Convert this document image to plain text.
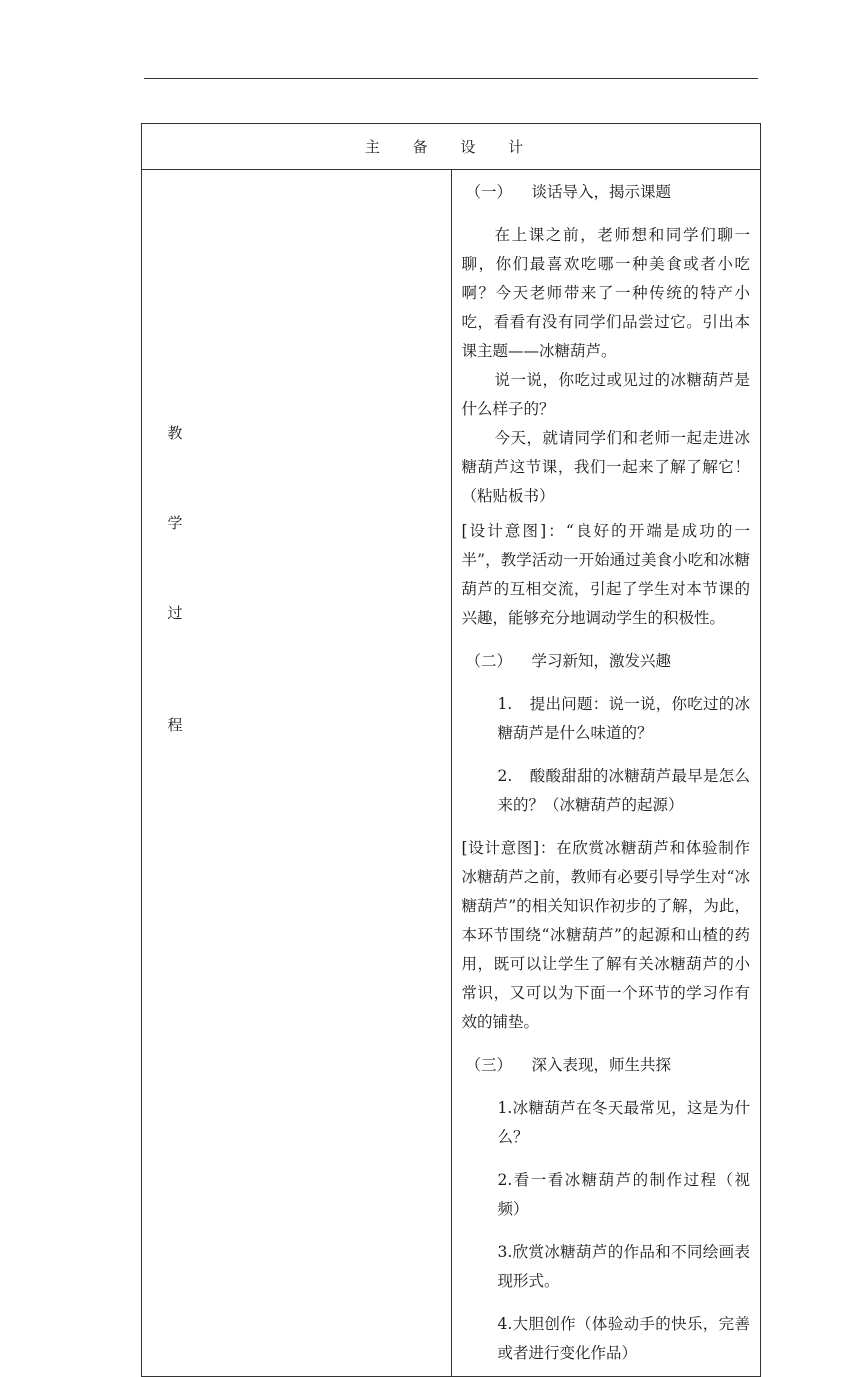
主 备 设 计

教
学
过
程

（一） 谈话导入，揭示课题

在上课之前，老师想和同学们聊一聊，你们最喜欢吃哪一种美食或者小吃啊？今天老师带来了一种传统的特产小吃，看看有没有同学们品尝过它。引出本课主题——冰糖葫芦。

说一说，你吃过或见过的冰糖葫芦是什么样子的？

今天，就请同学们和老师一起走进冰糖葫芦这节课，我们一起来了解了解它！（粘贴板书）

[设计意图]：“良好的开端是成功的一半”，教学活动一开始通过美食小吃和冰糖葫芦的互相交流，引起了学生对本节课的兴趣，能够充分地调动学生的积极性。

（二） 学习新知，激发兴趣

1. 提出问题：说一说，你吃过的冰糖葫芦是什么味道的？

2. 酸酸甜甜的冰糖葫芦最早是怎么来的？（冰糖葫芦的起源）

[设计意图]：在欣赏冰糖葫芦和体验制作冰糖葫芦之前，教师有必要引导学生对“冰糖葫芦”的相关知识作初步的了解，为此，本环节围绕“冰糖葫芦”的起源和山楂的药用，既可以让学生了解有关冰糖葫芦的小常识，又可以为下面一个环节的学习作有效的铺垫。

（三） 深入表现，师生共探

1.冰糖葫芦在冬天最常见，这是为什么？

2.看一看冰糖葫芦的制作过程（视频）

3.欣赏冰糖葫芦的作品和不同绘画表现形式。

4.大胆创作（体验动手的快乐，完善或者进行变化作品）
